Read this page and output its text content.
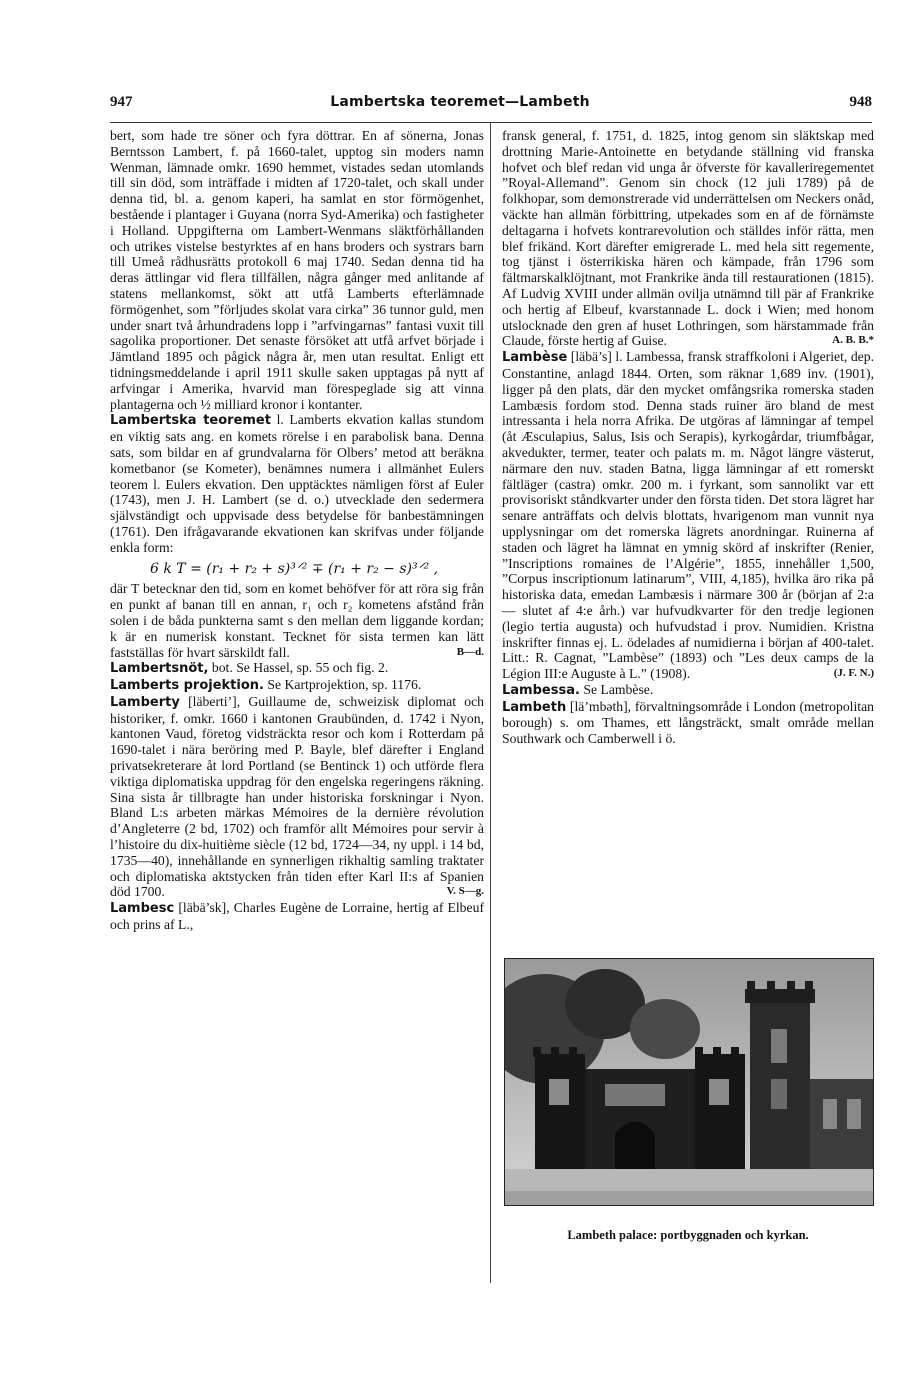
947	Lambertska teoremet—Lambeth	948

bert, som hade tre söner och fyra döttrar. En af sönerna, Jonas Berntsson Lambert, f. på 1660-talet, upptog sin moders namn Wenman, lämnade omkr. 1690 hemmet, vistades sedan utomlands till sin död, som inträffade i midten af 1720-talet, och skall under denna tid, bl. a. genom kaperi, ha samlat en stor förmögenhet, bestående i plantager i Guyana (norra Syd-Amerika) och fastigheter i Holland. Uppgifterna om Lambert-Wenmans släktförhållanden och utrikes vistelse bestyrktes af en hans broders och systrars barn till Umeå rådhusrätts protokoll 6 maj 1740. Sedan denna tid ha deras ättlingar vid flera tillfällen, några gånger med anlitande af statens mellankomst, sökt att utfå Lamberts efterlämnade förmögenhet, som ”förljudes skolat vara cirka” 36 tunnor guld, men under snart två århundradens lopp i ”arfvingarnas” fantasi vuxit till sagolika proportioner. Det senaste försöket att utfå arfvet började i Jämtland 1895 och pågick några år, men utan resultat. Enligt ett tidningsmeddelande i april 1911 skulle saken upptagas på nytt af arfvingar i Amerika, hvarvid man förespeglade sig att vinna plantagerna och ½ milliard kronor i kontanter.

Lambertska teoremet l. Lamberts ekvation kallas stundom en viktig sats ang. en komets rörelse i en parabolisk bana. Denna sats, som bildar en af grundvalarna för Olbers’ metod att beräkna kometbanor (se Kometer), benämnes numera i allmänhet Eulers teorem l. Eulers ekvation. Den upptäcktes nämligen först af Euler (1743), men J. H. Lambert (se d. o.) utvecklade den sedermera självständigt och uppvisade dess betydelse för banbestämningen (1761). Den ifrågavarande ekvationen kan skrifvas under följande enkla form:

6 k T = (r₁ + r₂ + s)³ᐟ² ∓ (r₁ + r₂ − s)³ᐟ² ,

där T betecknar den tid, som en komet behöfver för att röra sig från en punkt af banan till en annan, r₁ och r₂ kometens afstånd från solen i de båda punkterna samt s den mellan dem liggande kordan; k är en numerisk konstant. Tecknet för sista termen kan lätt fastställas för hvart särskildt fall.	B—d.

Lambertsnöt, bot. Se Hassel, sp. 55 och fig. 2.

Lamberts projektion. Se Kartprojektion, sp. 1176.

Lamberty [läberti’], Guillaume de, schweizisk diplomat och historiker, f. omkr. 1660 i kantonen Graubünden, d. 1742 i Nyon, kantonen Vaud, företog vidsträckta resor och kom i Rotterdam på 1690-talet i nära beröring med P. Bayle, blef därefter i England privatsekreterare åt lord Portland (se Bentinck 1) och utförde flera viktiga diplomatiska uppdrag för den engelska regeringens räkning. Sina sista år tillbragte han under historiska forskningar i Nyon. Bland L:s arbeten märkas Mémoires de la dernière révolution d’Angleterre (2 bd, 1702) och framför allt Mémoires pour servir à l’histoire du dix-huitième siècle (12 bd, 1724—34, ny uppl. i 14 bd, 1735—40), innehållande en synnerligen rikhaltig samling traktater och diplomatiska aktstycken från tiden efter Karl II:s af Spanien död 1700.	V. S—g.

Lambesc [läbä’sk], Charles Eugène de Lorraine, hertig af Elbeuf och prins af L.,

fransk general, f. 1751, d. 1825, intog genom sin släktskap med drottning Marie-Antoinette en betydande ställning vid franska hofvet och blef redan vid unga år öfverste för kavalleriregementet ”Royal-Allemand”. Genom sin chock (12 juli 1789) på de folkhopar, som demonstrerade vid underrättelsen om Neckers onåd, väckte han allmän förbittring, utpekades som en af de förnämste deltagarna i hofvets kontrarevolution och ställdes inför rätta, men blef frikänd. Kort därefter emigrerade L. med hela sitt regemente, tog tjänst i österrikiska hären och kämpade, från 1796 som fältmarskalklöjtnant, mot Frankrike ända till restaurationen (1815). Af Ludvig XVIII under allmän ovilja utnämnd till pär af Frankrike och hertig af Elbeuf, kvarstannade L. dock i Wien; med honom utslocknade den gren af huset Lothringen, som härstammade från Claude, förste hertig af Guise.	A. B. B.*

Lambèse [läbä’s] l. Lambessa, fransk straffkoloni i Algeriet, dep. Constantine, anlagd 1844. Orten, som räknar 1,689 inv. (1901), ligger på den plats, där den mycket omfångsrika romerska staden Lambæsis fordom stod. Denna stads ruiner äro bland de mest intressanta i hela norra Afrika. De utgöras af lämningar af tempel (åt Æsculapius, Salus, Isis och Serapis), kyrkogårdar, triumfbågar, akvedukter, termer, teater och palats m. m. Något längre västerut, närmare den nuv. staden Batna, ligga lämningar af ett romerskt fältläger (castra) omkr. 200 m. i fyrkant, som sannolikt var ett provisoriskt ståndkvarter under den första tiden. Det stora lägret har senare anträffats och delvis blottats, hvarigenom man vunnit nya upplysningar om det romerska lägrets anordningar. Ruinerna af staden och lägret ha lämnat en ymnig skörd af inskrifter (Renier, ”Inscriptions romaines de l’Algérie”, 1855, innehåller 1,500, ”Corpus inscriptionum latinarum”, VIII, 4,185), hvilka äro rika på historiska data, emedan Lambæsis i närmare 300 år (början af 2:a— slutet af 4:e årh.) var hufvudkvarter för den tredje legionen (legio tertia augusta) och hufvudstad i prov. Numidien. Kristna inskrifter finnas ej. L. ödelades af numidierna i början af 400-talet. Litt.: R. Cagnat, ”Lambèse” (1893) och ”Les deux camps de la Légion III:e Auguste à L.” (1908).	(J. F. N.)

Lambessa. Se Lambèse.

Lambeth [lä’mbəth], förvaltningsområde i London (metropolitan borough) s. om Thames, ett långsträckt, smalt område mellan Southwark och Camberwell i ö.

Lambeth palace: portbyggnaden och kyrkan.
